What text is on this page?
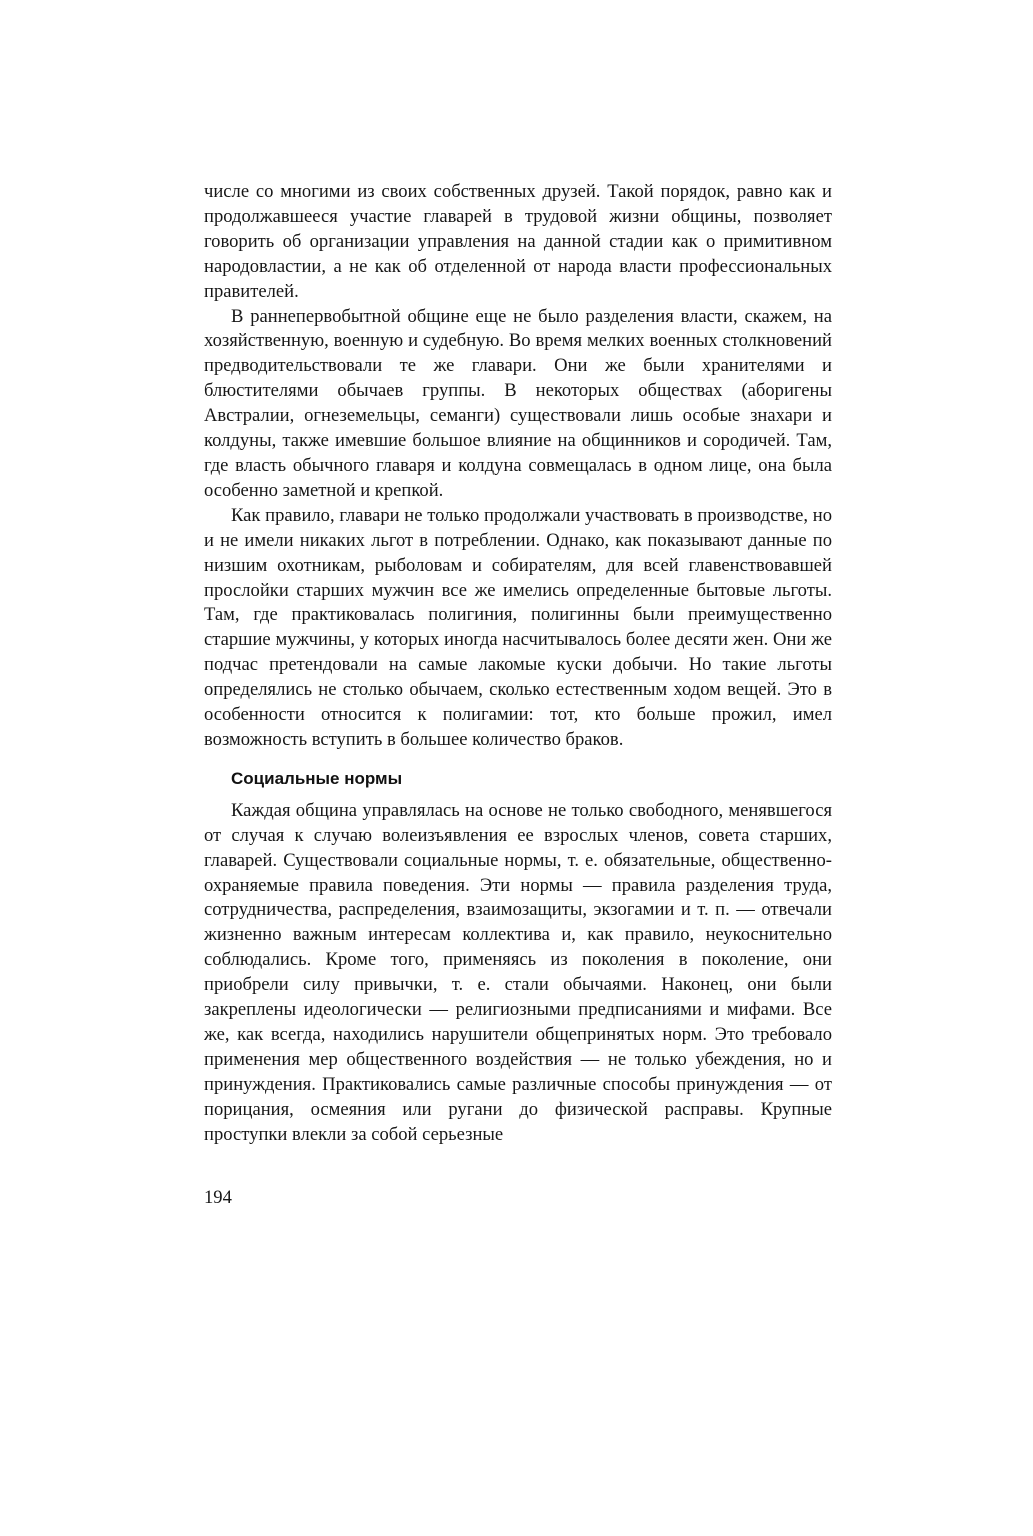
числе со многими из своих собственных друзей. Такой порядок, равно как и продолжавшееся участие главарей в трудовой жизни общины, позволяет говорить об организации управления на данной стадии как о примитивном народовластии, а не как об отделенной от народа власти профессиональных правителей.

В раннепервобытной общине еще не было разделения власти, скажем, на хозяйственную, военную и судебную. Во время мелких военных столкновений предводительствовали те же главари. Они же были хранителями и блюстителями обычаев группы. В некоторых обществах (аборигены Австралии, огнеземельцы, семанги) существовали лишь особые знахари и колдуны, также имевшие большое влияние на общинников и сородичей. Там, где власть обычного главаря и колдуна совмещалась в одном лице, она была особенно заметной и крепкой.

Как правило, главари не только продолжали участвовать в производстве, но и не имели никаких льгот в потреблении. Однако, как показывают данные по низшим охотникам, рыболовам и собирателям, для всей главенствовавшей прослойки старших мужчин все же имелись определенные бытовые льготы. Там, где практиковалась полигиния, полигинны были преимущественно старшие мужчины, у которых иногда насчитывалось более десяти жен. Они же подчас претендовали на самые лакомые куски добычи. Но такие льготы определялись не столько обычаем, сколько естественным ходом вещей. Это в особенности относится к полигамии: тот, кто больше прожил, имел возможность вступить в большее количество браков.

Социальные нормы

Каждая община управлялась на основе не только свободного, менявшегося от случая к случаю волеизъявления ее взрослых членов, совета старших, главарей. Существовали социальные нормы, т. е. обязательные, общественно-охраняемые правила поведения. Эти нормы — правила разделения труда, сотрудничества, распределения, взаимозащиты, экзогамии и т. п. — отвечали жизненно важным интересам коллектива и, как правило, неукоснительно соблюдались. Кроме того, применяясь из поколения в поколение, они приобрели силу привычки, т. е. стали обычаями. Наконец, они были закреплены идеологически — религиозными предписаниями и мифами. Все же, как всегда, находились нарушители общепринятых норм. Это требовало применения мер общественного воздействия — не только убеждения, но и принуждения. Практиковались самые различные способы принуждения — от порицания, осмеяния или ругани до физической расправы. Крупные проступки влекли за собой серьезные

194
